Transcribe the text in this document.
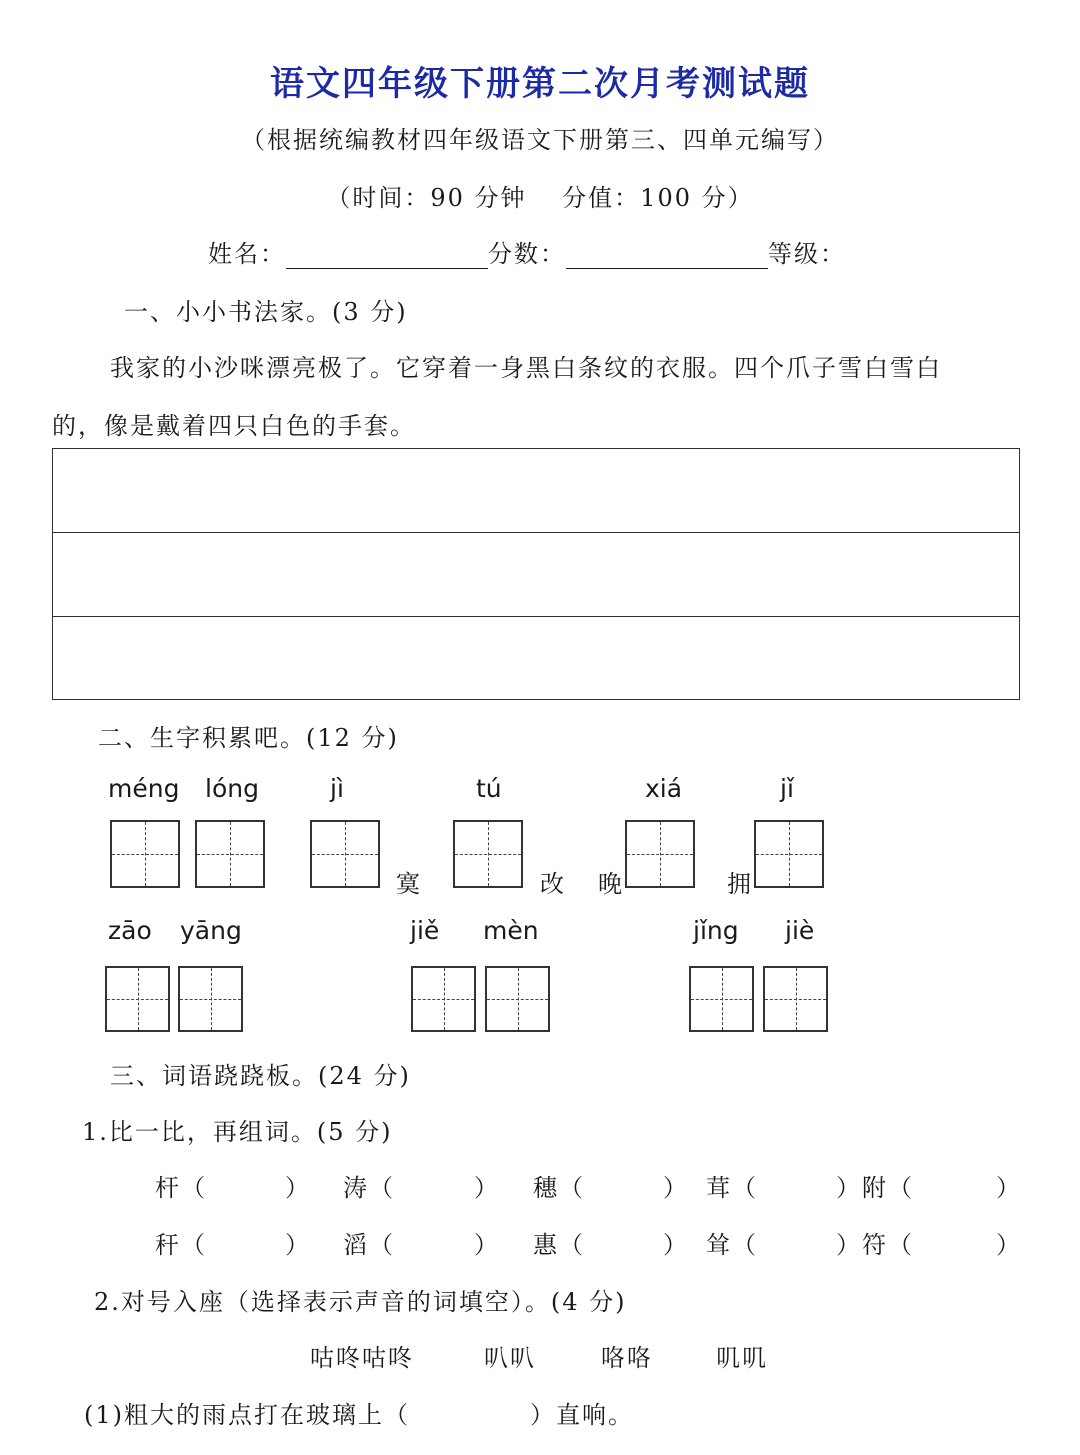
语文四年级下册第二次月考测试题
（根据统编教材四年级语文下册第三、四单元编写）
（时间：90 分钟　 分值：100 分）
姓名：	分数：	等级：
一、小小书法家。(3 分)
我家的小沙咪漂亮极了。它穿着一身黑白条纹的衣服。四个爪子雪白雪白
的，像是戴着四只白色的手套。
二、生字积累吧。(12 分)
méng lóng	jì	tú	xiá	jǐ
寞	改 晚	拥
zāo yāng	jiě mèn	jǐng jiè
三、词语跷跷板。(24 分)
1.比一比，再组词。(5 分)
杆（	） 涛（	） 穗（	） 茸（	）附（	）
秆（	） 滔（	） 惠（	） 耸（	）符（	）
2.对号入座（选择表示声音的词填空）。(4 分)
咕咚咕咚	叭叭	咯咯	叽叽
(1)粗大的雨点打在玻璃上（	）直响。
